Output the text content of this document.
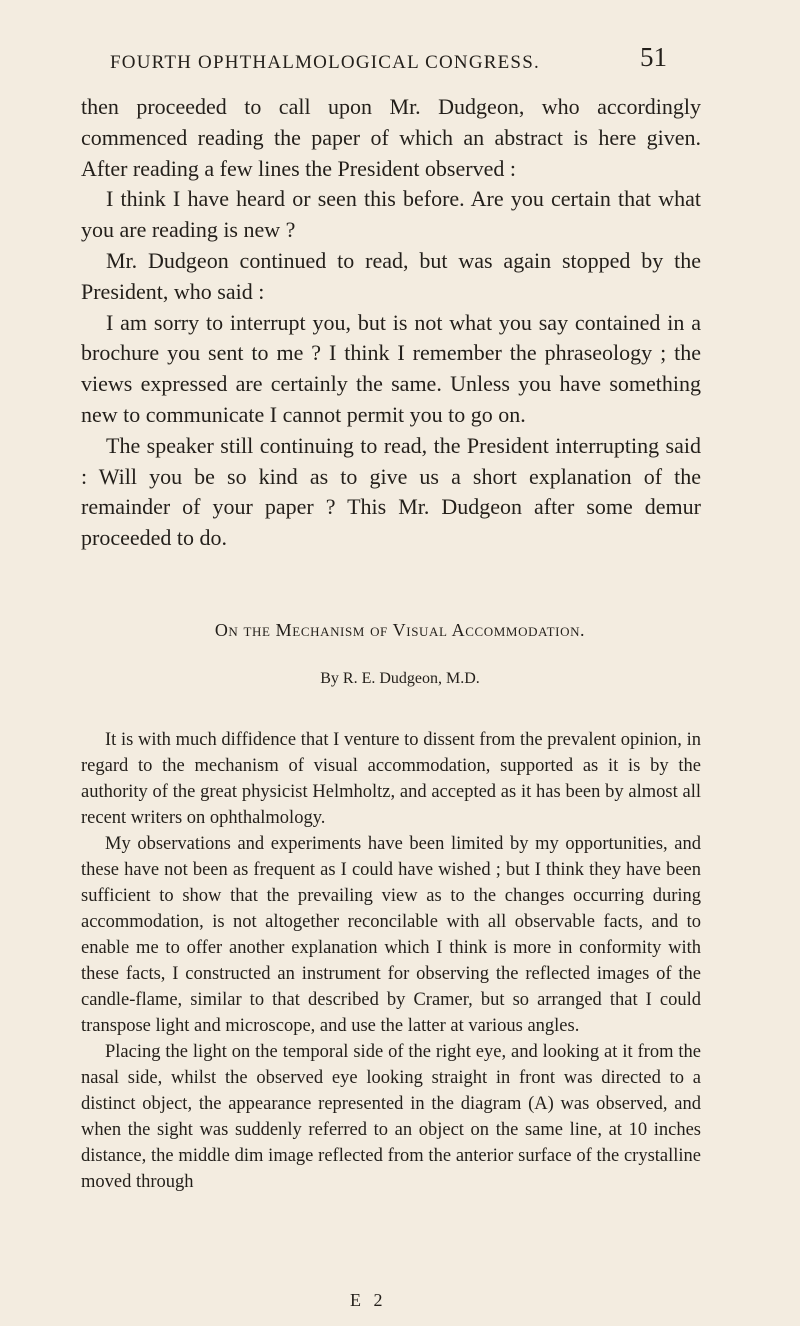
FOURTH OPHTHALMOLOGICAL CONGRESS.	51

then proceeded to call upon Mr. Dudgeon, who accordingly commenced reading the paper of which an abstract is here given. After reading a few lines the President observed :

I think I have heard or seen this before. Are you certain that what you are reading is new ?

Mr. Dudgeon continued to read, but was again stopped by the President, who said :

I am sorry to interrupt you, but is not what you say contained in a brochure you sent to me ? I think I remember the phraseology ; the views expressed are certainly the same. Unless you have something new to communicate I cannot permit you to go on.

The speaker still continuing to read, the President interrupting said : Will you be so kind as to give us a short explanation of the remainder of your paper ? This Mr. Dudgeon after some demur proceeded to do.

On the Mechanism of Visual Accommodation.
By R. E. Dudgeon, M.D.

It is with much diffidence that I venture to dissent from the prevalent opinion, in regard to the mechanism of visual accommodation, supported as it is by the authority of the great physicist Helmholtz, and accepted as it has been by almost all recent writers on ophthalmology.

My observations and experiments have been limited by my opportunities, and these have not been as frequent as I could have wished ; but I think they have been sufficient to show that the prevailing view as to the changes occurring during accommodation, is not altogether reconcilable with all observable facts, and to enable me to offer another explanation which I think is more in conformity with these facts, I constructed an instrument for observing the reflected images of the candle-flame, similar to that described by Cramer, but so arranged that I could transpose light and microscope, and use the latter at various angles.

Placing the light on the temporal side of the right eye, and looking at it from the nasal side, whilst the observed eye looking straight in front was directed to a distinct object, the appearance represented in the diagram (A) was observed, and when the sight was suddenly referred to an object on the same line, at 10 inches distance, the middle dim image reflected from the anterior surface of the crystalline moved through

E 2
